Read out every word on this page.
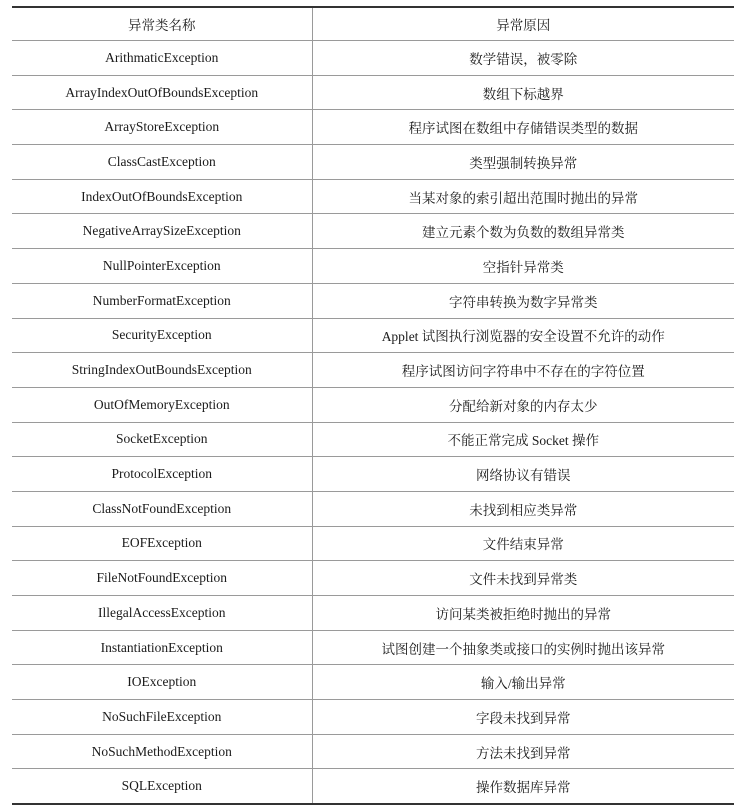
异常类名称	异常原因
ArithmaticException	数学错误，被零除
ArrayIndexOutOfBoundsException	数组下标越界
ArrayStoreException	程序试图在数组中存储错误类型的数据
ClassCastException	类型强制转换异常
IndexOutOfBoundsException	当某对象的索引超出范围时抛出的异常
NegativeArraySizeException	建立元素个数为负数的数组异常类
NullPointerException	空指针异常类
NumberFormatException	字符串转换为数字异常类
SecurityException	Applet 试图执行浏览器的安全设置不允许的动作
StringIndexOutBoundsException	程序试图访问字符串中不存在的字符位置
OutOfMemoryException	分配给新对象的内存太少
SocketException	不能正常完成 Socket 操作
ProtocolException	网络协议有错误
ClassNotFoundException	未找到相应类异常
EOFException	文件结束异常
FileNotFoundException	文件未找到异常类
IllegalAccessException	访问某类被拒绝时抛出的异常
InstantiationException	试图创建一个抽象类或接口的实例时抛出该异常
IOException	输入/输出异常
NoSuchFileException	字段未找到异常
NoSuchMethodException	方法未找到异常
SQLException	操作数据库异常
